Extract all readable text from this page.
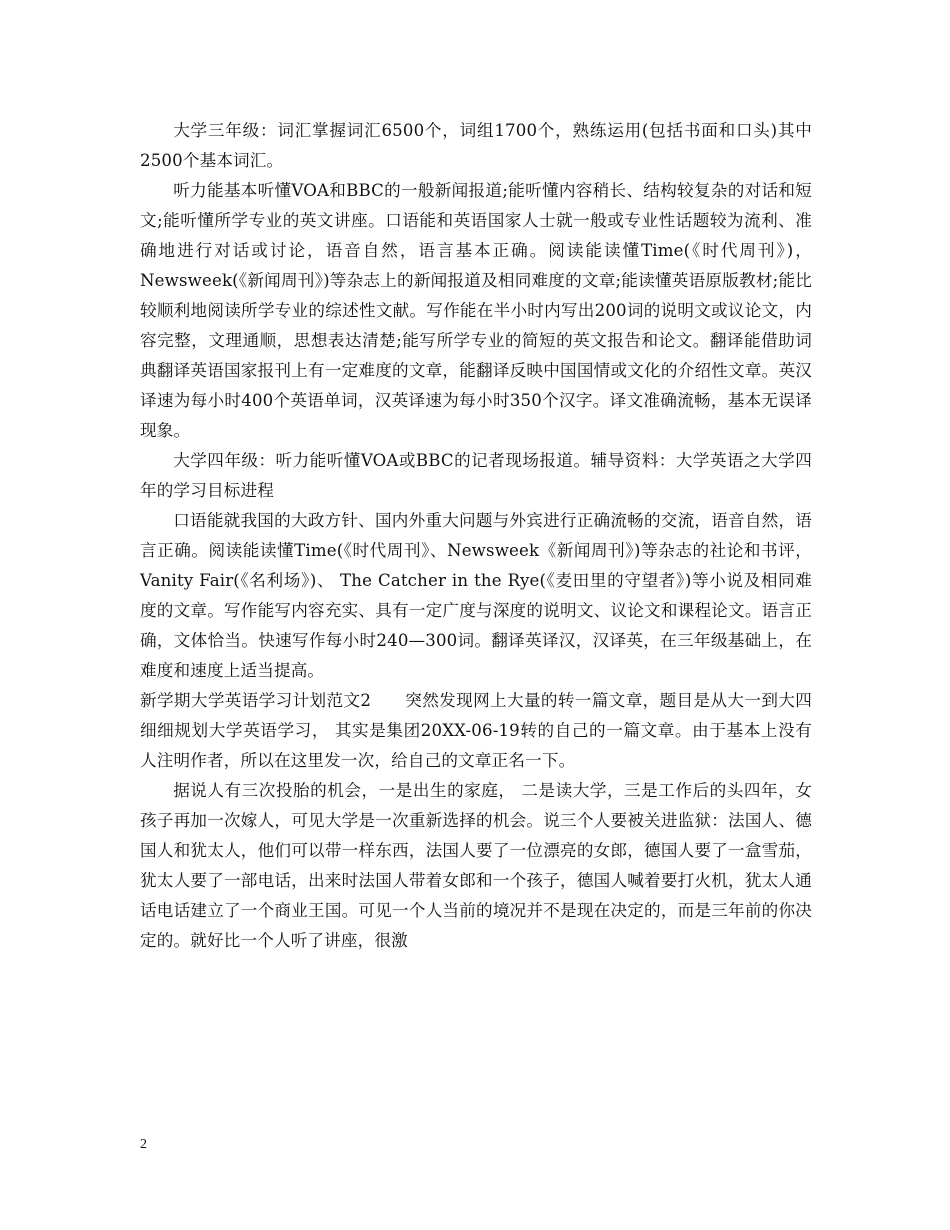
大学三年级：词汇掌握词汇6500个，词组1700个，熟练运用(包括书面和口头)其中2500个基本词汇。

听力能基本听懂VOA和BBC的一般新闻报道;能听懂内容稍长、结构较复杂的对话和短文;能听懂所学专业的英文讲座。口语能和英语国家人士就一般或专业性话题较为流利、准确地进行对话或讨论，语音自然，语言基本正确。阅读能读懂Time(《时代周刊》)，Newsweek(《新闻周刊》)等杂志上的新闻报道及相同难度的文章;能读懂英语原版教材;能比较顺利地阅读所学专业的综述性文献。写作能在半小时内写出200词的说明文或议论文，内容完整，文理通顺，思想表达清楚;能写所学专业的简短的英文报告和论文。翻译能借助词典翻译英语国家报刊上有一定难度的文章，能翻译反映中国国情或文化的介绍性文章。英汉译速为每小时400个英语单词，汉英译速为每小时350个汉字。译文准确流畅，基本无误译现象。

大学四年级：听力能听懂VOA或BBC的记者现场报道。辅导资料：大学英语之大学四年的学习目标进程

口语能就我国的大政方针、国内外重大问题与外宾进行正确流畅的交流，语音自然，语言正确。阅读能读懂Time(《时代周刊》、Newsweek《新闻周刊》)等杂志的社论和书评，Vanity Fair(《名利场》)、 The Catcher in the Rye(《麦田里的守望者》)等小说及相同难度的文章。写作能写内容充实、具有一定广度与深度的说明文、议论文和课程论文。语言正确，文体恰当。快速写作每小时240—300词。翻译英译汉，汉译英，在三年级基础上，在难度和速度上适当提高。

新学期大学英语学习计划范文2　　突然发现网上大量的转一篇文章，题目是从大一到大四细细规划大学英语学习， 其实是集团20XX-06-19转的自己的一篇文章。由于基本上没有人注明作者，所以在这里发一次，给自己的文章正名一下。

据说人有三次投胎的机会，一是出生的家庭， 二是读大学，三是工作后的头四年，女孩子再加一次嫁人，可见大学是一次重新选择的机会。说三个人要被关进监狱：法国人、德国人和犹太人，他们可以带一样东西，法国人要了一位漂亮的女郎，德国人要了一盒雪茄，犹太人要了一部电话，出来时法国人带着女郎和一个孩子，德国人喊着要打火机，犹太人通话电话建立了一个商业王国。可见一个人当前的境况并不是现在决定的，而是三年前的你决定的。就好比一个人听了讲座，很激

2
